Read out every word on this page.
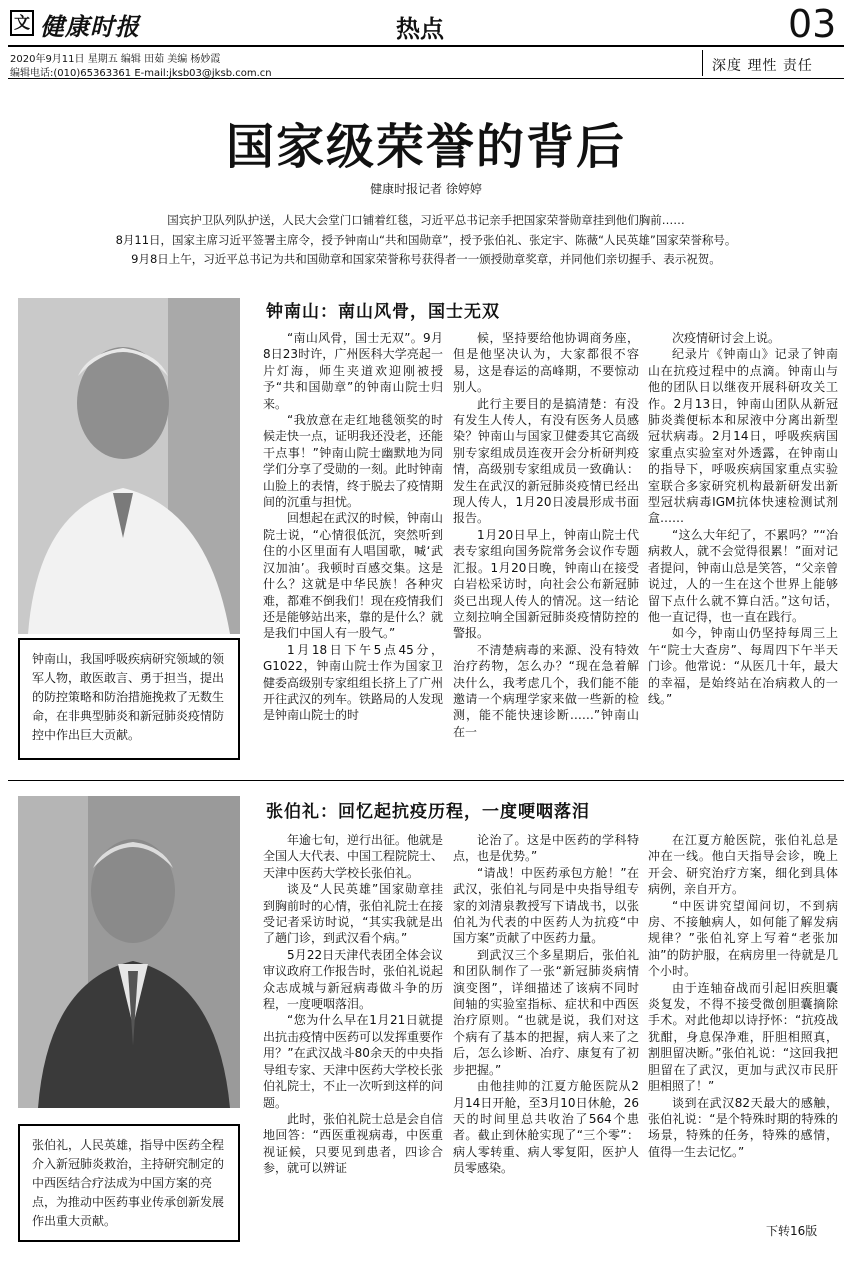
文 健康时报	热点	03
2020年9月11日 星期五 编辑 田茹 美编 杨妙霞
编辑电话:(010)65363361 E-mail:jksb03@jksb.com.cn	深度 理性 责任
国家级荣誉的背后
健康时报记者 徐婷婷
国宾护卫队列队护送，人民大会堂门口铺着红毯，习近平总书记亲手把国家荣誉勋章挂到他们胸前……
8月11日，国家主席习近平签署主席令，授予钟南山“共和国勋章”，授予张伯礼、张定宇、陈薇“人民英雄”国家荣誉称号。
9月8日上午，习近平总书记为共和国勋章和国家荣誉称号获得者一一颁授勋章奖章，并同他们亲切握手、表示祝贺。
钟南山，我国呼吸疾病研究领域的领军人物，敢医敢言、勇于担当，提出的防控策略和防治措施挽救了无数生命，在非典型肺炎和新冠肺炎疫情防控中作出巨大贡献。
钟南山：南山风骨，国士无双

“南山风骨，国士无双”。9月8日23时许，广州医科大学亮起一片灯海，师生夹道欢迎刚被授予“共和国勋章”的钟南山院士归来。

“我放意在走红地毯领奖的时候走快一点，证明我还没老，还能干点事！”钟南山院士幽默地为同学们分享了受勋的一刻。此时钟南山脸上的表情，终于脱去了疫情期间的沉重与担忧。

回想起在武汉的时候，钟南山院士说，“心情很低沉，突然听到住的小区里面有人唱国歌，喊‘武汉加油’。我顿时百感交集。这是什么？这就是中华民族！各种灾难，都难不倒我们！现在疫情我们还是能够站出来，靠的是什么？就是我们中国人有一股气。”

1月18日下午5点45分，G1022，钟南山院士作为国家卫健委高级别专家组组长挤上了广州开往武汉的列车。铁路局的人发现是钟南山院士的时

候，坚持要给他协调商务座，但是他坚决认为，大家都很不容易，这是春运的高峰期，不要惊动别人。

此行主要目的是搞清楚：有没有发生人传人，有没有医务人员感染？钟南山与国家卫健委其它高级别专家组成员连夜开会分析研判疫情，高级别专家组成员一致确认：发生在武汉的新冠肺炎疫情已经出现人传人，1月20日凌晨形成书面报告。

1月20日早上，钟南山院士代表专家组向国务院常务会议作专题汇报。1月20日晚，钟南山在接受白岩松采访时，向社会公布新冠肺炎已出现人传人的情况。这一结论立刻拉响全国新冠肺炎疫情防控的警报。

不清楚病毒的来源、没有特效治疗药物，怎么办？“现在急着解决什么，我考虑几个，我们能不能邀请一个病理学家来做一些新的检测，能不能快速诊断……”钟南山在一

次疫情研讨会上说。

纪录片《钟南山》记录了钟南山在抗疫过程中的点滴。钟南山与他的团队日以继夜开展科研攻关工作。2月13日，钟南山团队从新冠肺炎粪便标本和尿液中分离出新型冠状病毒。2月14日，呼吸疾病国家重点实验室对外透露，在钟南山的指导下，呼吸疾病国家重点实验室联合多家研究机构最新研发出新型冠状病毒IGM抗体快速检测试剂盒……

“这么大年纪了，不累吗？”“冶病救人，就不会觉得很累！”面对记者提问，钟南山总是笑答，“父亲曾说过，人的一生在这个世界上能够留下点什么就不算白活。”这句话，他一直记得，也一直在践行。

如今，钟南山仍坚持每周三上午“院士大查房”、每周四下午半天门诊。他常说：“从医几十年，最大的幸福，是始终站在冶病救人的一线。”

张伯礼，人民英雄，指导中医药全程介入新冠肺炎救治，主持研究制定的中西医结合疗法成为中国方案的亮点，为推动中医药事业传承创新发展作出重大贡献。
张伯礼：回忆起抗疫历程，一度哽咽落泪

年逾七旬，逆行出征。他就是全国人大代表、中国工程院院士、天津中医药大学校长张伯礼。

谈及“人民英雄”国家勋章挂到胸前时的心情，张伯礼院士在接受记者采访时说，“其实我就是出了趟门诊，到武汉看个病。”

5月22日天津代表团全体会议审议政府工作报告时，张伯礼说起众志成城与新冠病毒做斗争的历程，一度哽咽落泪。

“您为什么早在1月21日就提出抗击疫情中医药可以发挥重要作用？”在武汉战斗80余天的中央指导组专家、天津中医药大学校长张伯礼院士，不止一次听到这样的问题。

此时，张伯礼院士总是会自信地回答：“西医重视病毒，中医重视证候，只要见到患者，四诊合参，就可以辨证

论治了。这是中医药的学科特点，也是优势。”

“请战！中医药承包方舱！”在武汉，张伯礼与同是中央指导组专家的刘清泉教授写下请战书，以张伯礼为代表的中医药人为抗疫“中国方案”贡献了中医药力量。

到武汉三个多星期后，张伯礼和团队制作了一张“新冠肺炎病情演变图”，详细描述了该病不同时间轴的实验室指标、症状和中西医治疗原则。“也就是说，我们对这个病有了基本的把握，病人来了之后，怎么诊断、冶疗、康复有了初步把握。”

由他挂帅的江夏方舱医院从2月14日开舱，至3月10日休舱，26天的时间里总共收治了564个患者。截止到休舱实现了“三个零”：病人零转重、病人零复阳，医护人员零感染。

在江夏方舱医院，张伯礼总是冲在一线。他白天指导会诊，晚上开会、研究治疗方案，细化到具体病例，亲自开方。

“中医讲究望闻问切，不到病房、不接触病人，如何能了解发病规律？”张伯礼穿上写着“老张加油”的防护服，在病房里一待就是几个小时。

由于连轴奋战而引起旧疾胆囊炎复发，不得不接受微创胆囊摘除手术。对此他却以诗抒怀：“抗疫战犹酣，身息保净难，肝胆相照真，割胆留决断。”张伯礼说：“这回我把胆留在了武汉，更加与武汉市民肝胆相照了！”

谈到在武汉82天最大的感触，张伯礼说：“是个特殊时期的特殊的场景，特殊的任务，特殊的感情，值得一生去记忆。”

下转16版
